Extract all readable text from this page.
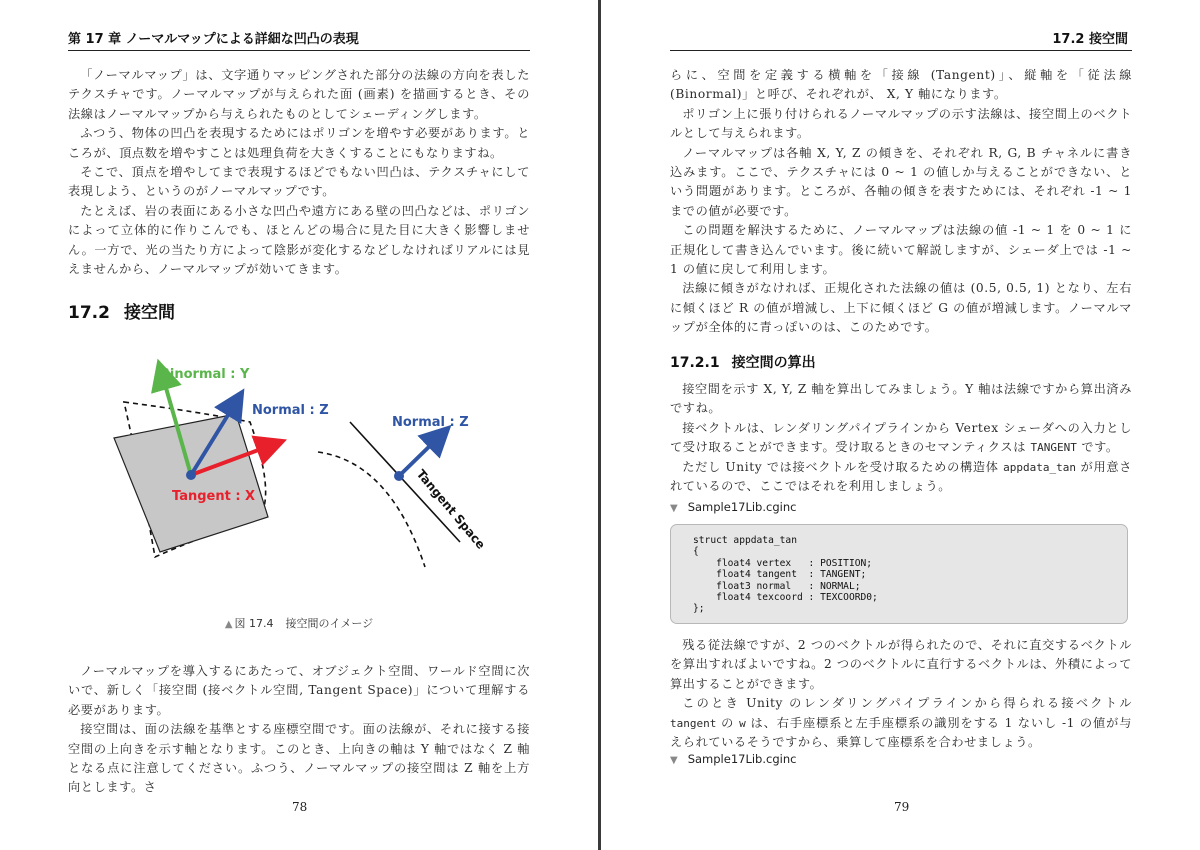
第 17 章 ノーマルマップによる詳細な凹凸の表現

「ノーマルマップ」は、文字通りマッピングされた部分の法線の方向を表したテクスチャです。ノーマルマップが与えられた面 (画素) を描画するとき、その法線はノーマルマップから与えられたものとしてシェーディングします。

ふつう、物体の凹凸を表現するためにはポリゴンを増やす必要があります。ところが、頂点数を増やすことは処理負荷を大きくすることにもなりますね。

そこで、頂点を増やしてまで表現するほどでもない凹凸は、テクスチャにして表現しよう、というのがノーマルマップです。

たとえば、岩の表面にある小さな凹凸や遠方にある壁の凹凸などは、ポリゴンによって立体的に作りこんでも、ほとんどの場合に見た目に大きく影響しません。一方で、光の当たり方によって陰影が変化するなどしなければリアルには見えませんから、ノーマルマップが効いてきます。

17.2 接空間
Binormal : Y
Normal : Z
Tangent : X
Normal : Z
Tangent Space
▲ 図 17.4 接空間のイメージ

ノーマルマップを導入するにあたって、オブジェクト空間、ワールド空間に次いで、新しく「接空間 (接ベクトル空間, Tangent Space)」について理解する必要があります。

接空間は、面の法線を基準とする座標空間です。面の法線が、それに接する接空間の上向きを示す軸となります。このとき、上向きの軸は Y 軸ではなく Z 軸となる点に注意してください。ふつう、ノーマルマップの接空間は Z 軸を上方向とします。さ

78
17.2 接空間

らに、空間を定義する横軸を「接線 (Tangent)」、縦軸を「従法線 (Binormal)」と呼び、それぞれが、 X, Y 軸になります。

ポリゴン上に張り付けられるノーマルマップの示す法線は、接空間上のベクトルとして与えられます。

ノーマルマップは各軸 X, Y, Z の傾きを、それぞれ R, G, B チャネルに書き込みます。ここで、テクスチャには 0 ~ 1 の値しか与えることができない、という問題があります。ところが、各軸の傾きを表すためには、それぞれ -1 ~ 1 までの値が必要です。

この問題を解決するために、ノーマルマップは法線の値 -1 ~ 1 を 0 ~ 1 に正規化して書き込んでいます。後に続いて解説しますが、シェーダ上では -1 ~ 1 の値に戻して利用します。

法線に傾きがなければ、正規化された法線の値は (0.5, 0.5, 1) となり、左右に傾くほど R の値が増減し、上下に傾くほど G の値が増減します。ノーマルマップが全体的に青っぽいのは、このためです。

17.2.1 接空間の算出

接空間を示す X, Y, Z 軸を算出してみましょう。Y 軸は法線ですから算出済みですね。

接ベクトルは、レンダリングパイプラインから Vertex シェーダへの入力として受け取ることができます。受け取るときのセマンティクスは TANGENT です。

ただし Unity では接ベクトルを受け取るための構造体 appdata_tan が用意されているので、ここではそれを利用しましょう。

▼ Sample17Lib.cginc
struct appdata_tan
{
float4 vertex   : POSITION;
float4 tangent  : TANGENT;
float3 normal   : NORMAL;
float4 texcoord : TEXCOORD0;
};

残る従法線ですが、2 つのベクトルが得られたので、それに直交するベクトルを算出すればよいですね。2 つのベクトルに直行するベクトルは、外積によって算出することができます。

このとき Unity のレンダリングパイプラインから得られる接ベクトル tangent の w は、右手座標系と左手座標系の識別をする 1 ないし -1 の値が与えられているそうですから、乗算して座標系を合わせましょう。

▼ Sample17Lib.cginc
79
